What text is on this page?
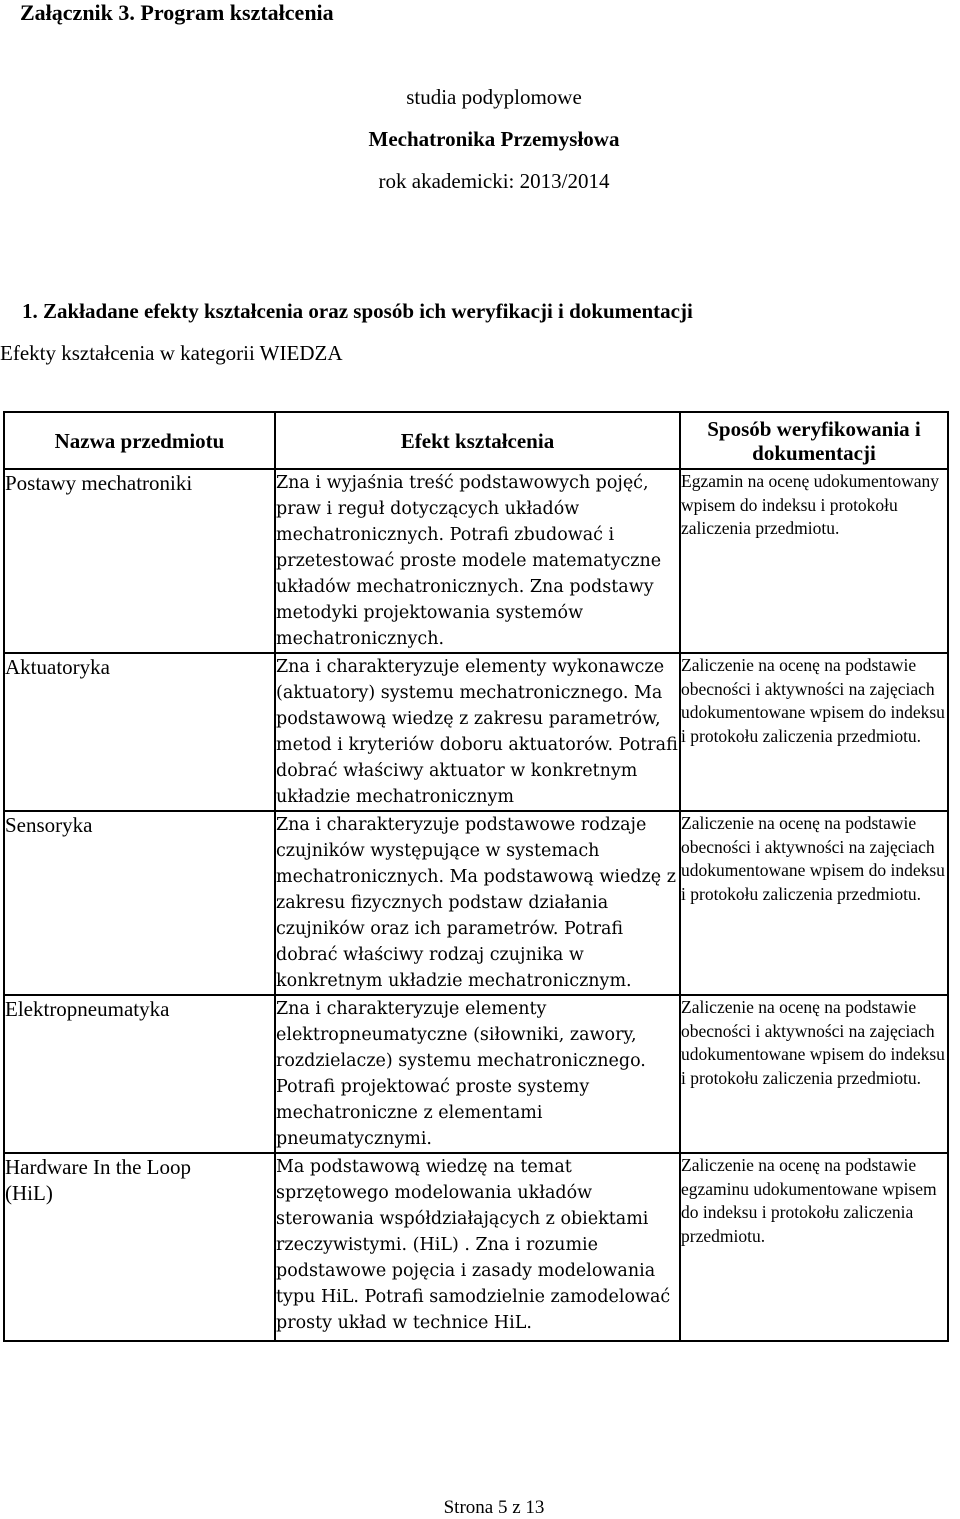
Załącznik 3. Program kształcenia
studia podyplomowe
Mechatronika Przemysłowa
rok akademicki: 2013/2014
1. Zakładane efekty kształcenia oraz sposób ich weryfikacji i dokumentacji
Efekty kształcenia w kategorii WIEDZA
Nazwa przedmiotu	Efekt kształcenia	Sposób weryfikowania i dokumentacji
Postawy mechatroniki	Zna i wyjaśnia treść podstawowych pojęć, praw i reguł dotyczących układów mechatronicznych. Potrafi zbudować i przetestować proste modele matematyczne układów mechatronicznych. Zna podstawy metodyki projektowania systemów mechatronicznych.	Egzamin na ocenę udokumentowany wpisem do indeksu i protokołu zaliczenia przedmiotu.
Aktuatoryka	Zna i charakteryzuje elementy wykonawcze (aktuatory) systemu mechatronicznego. Ma podstawową wiedzę z zakresu parametrów, metod i kryteriów doboru aktuatorów. Potrafi dobrać właściwy aktuator w konkretnym układzie mechatronicznym	Zaliczenie na ocenę na podstawie obecności i aktywności na zajęciach udokumentowane wpisem do indeksu i protokołu zaliczenia przedmiotu.
Sensoryka	Zna i charakteryzuje podstawowe rodzaje czujników występujące w systemach mechatronicznych. Ma podstawową wiedzę z zakresu fizycznych podstaw działania czujników oraz ich parametrów. Potrafi dobrać właściwy rodzaj czujnika w konkretnym układzie mechatronicznym.	Zaliczenie na ocenę na podstawie obecności i aktywności na zajęciach udokumentowane wpisem do indeksu i protokołu zaliczenia przedmiotu.
Elektropneumatyka	Zna i charakteryzuje elementy elektropneumatyczne (siłowniki, zawory, rozdzielacze) systemu mechatronicznego. Potrafi projektować proste systemy mechatroniczne z elementami pneumatycznymi.	Zaliczenie na ocenę na podstawie obecności i aktywności na zajęciach udokumentowane wpisem do indeksu i protokołu zaliczenia przedmiotu.
Hardware In the Loop (HiL)	Ma podstawową wiedzę na temat sprzętowego modelowania układów sterowania współdziałających z obiektami rzeczywistymi. (HiL) . Zna i rozumie podstawowe pojęcia i zasady modelowania typu HiL. Potrafi samodzielnie zamodelować prosty układ w technice HiL.	Zaliczenie na ocenę na podstawie egzaminu udokumentowane wpisem do indeksu i protokołu zaliczenia przedmiotu.
Strona 5 z 13
